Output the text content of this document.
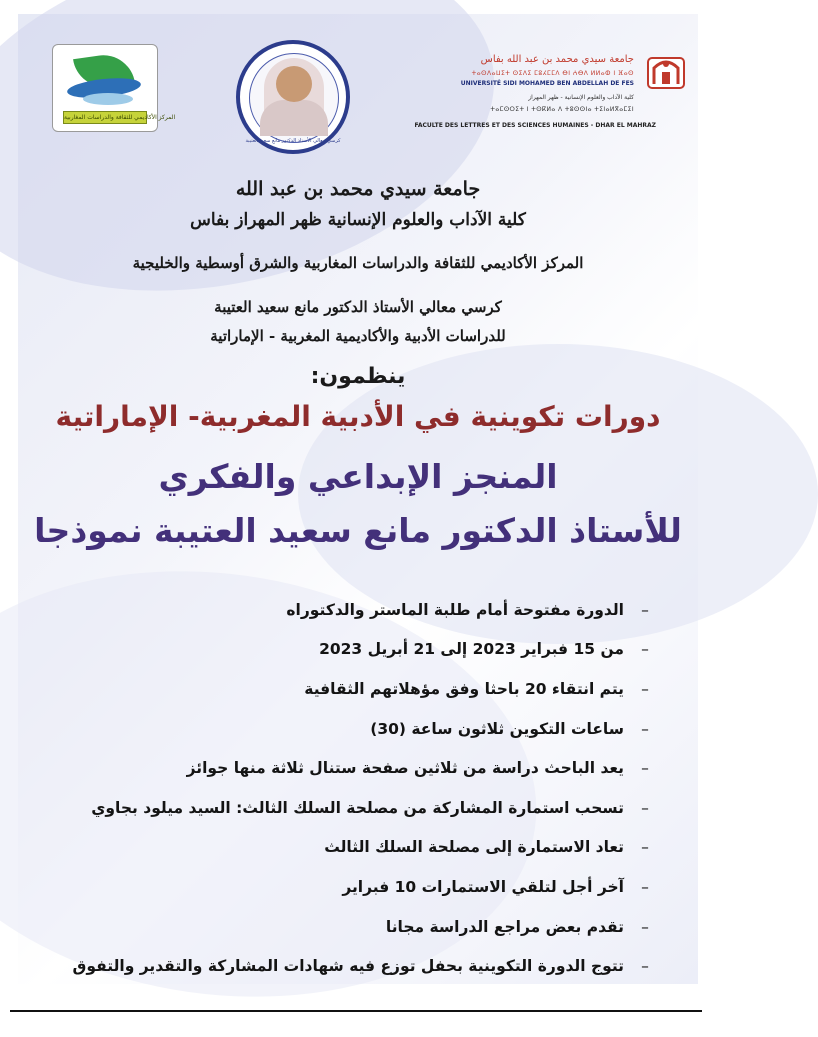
المركز الأكاديمي للثقافة والدراسات المغاربية
كرسي معالي الأستاذ الدكتور مانع سعيد العتيبة
جامعة سيدي محمد بن عبد الله بفاس
ⵜⴰⵙⴷⴰⵡⵉⵜ ⵙⵉⴷⵉ ⵎⵓⵃⵎⵎⴷ ⴱⵏ ⵄⴱⴷ ⵍⵍⴰⵀ ⵏ ⴼⴰⵙ
UNIVERSITÉ SIDI MOHAMED BEN ABDELLAH DE FES
كلية الآداب والعلوم الإنسانية - ظهر المهراز
ⵜⴰⵎⵙⵔⵉⵜ ⵏ ⵜⵙⴽⵍⴰ ⴷ ⵜⵓⵙⵙⵏⴰ ⵜⵉⵏⴰⵍⴳⴰⵎⵉⵏ
FACULTE DES LETTRES ET DES SCIENCES HUMAINES - DHAR EL MAHRAZ
جامعة سيدي محمد بن عبد الله
كلية الآداب والعلوم الإنسانية ظهر المهراز بفاس
المركز الأكاديمي للثقافة والدراسات المغاربية والشرق أوسطية والخليجية
كرسي معالي الأستاذ الدكتور مانع سعيد العتيبة
للدراسات الأدبية والأكاديمية المغربية - الإماراتية
ينظمون:
دورات تكوينية في الأدبية المغربية- الإماراتية
المنجز الإبداعي والفكري
للأستاذ الدكتور مانع سعيد العتيبة نموذجا
–
الدورة مفتوحة أمام طلبة الماستر والدكتوراه
–
من 15 فبراير 2023 إلى 21 أبريل 2023
–
يتم انتقاء 20 باحثا وفق مؤهلاتهم الثقافية
–
ساعات التكوين ثلاثون ساعة (30)
–
يعد الباحث دراسة من ثلاثين صفحة ستنال ثلاثة منها جوائز
–
تسحب استمارة المشاركة من مصلحة السلك الثالث: السيد ميلود بجاوي
–
تعاد الاستمارة إلى مصلحة السلك الثالث
–
آخر أجل لتلقي الاستمارات 10 فبراير
–
تقدم بعض مراجع الدراسة مجانا
–
تتوج الدورة التكوينية بحفل توزع فيه شهادات المشاركة والتقدير والتفوق
